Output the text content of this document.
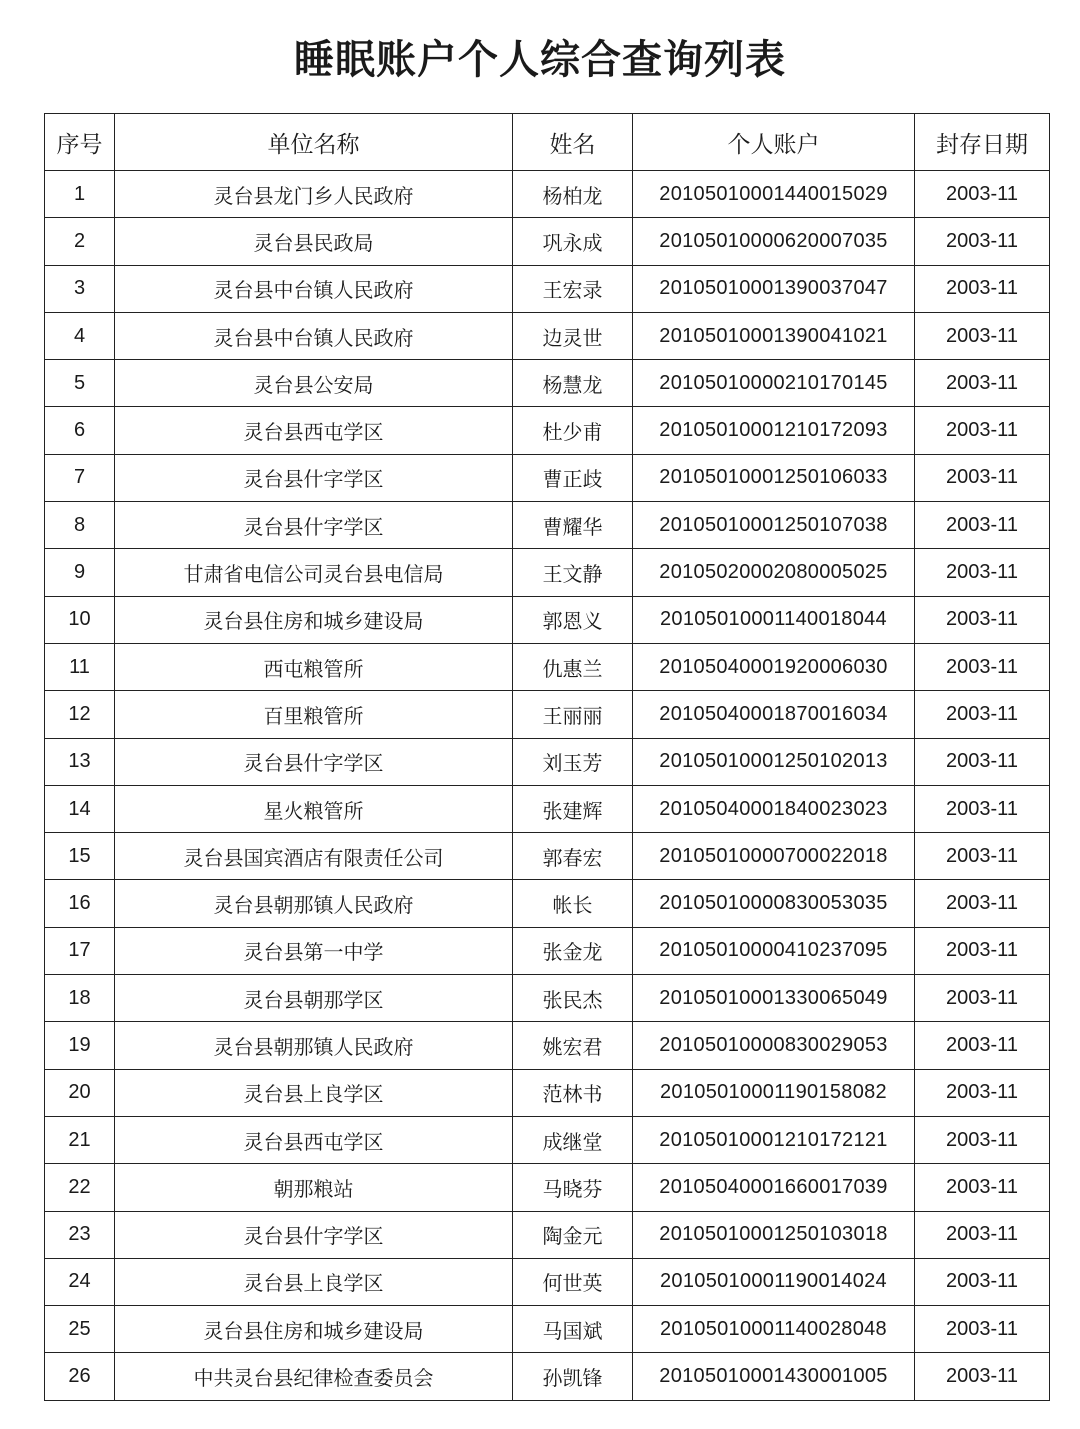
睡眠账户个人综合查询列表
序号	单位名称	姓名	个人账户	封存日期
1	灵台县龙门乡人民政府	杨柏龙	20105010001440015029	2003-11
2	灵台县民政局	巩永成	20105010000620007035	2003-11
3	灵台县中台镇人民政府	王宏录	20105010001390037047	2003-11
4	灵台县中台镇人民政府	边灵世	20105010001390041021	2003-11
5	灵台县公安局	杨慧龙	20105010000210170145	2003-11
6	灵台县西屯学区	杜少甫	20105010001210172093	2003-11
7	灵台县什字学区	曹正歧	20105010001250106033	2003-11
8	灵台县什字学区	曹耀华	20105010001250107038	2003-11
9	甘肃省电信公司灵台县电信局	王文静	20105020002080005025	2003-11
10	灵台县住房和城乡建设局	郭恩义	20105010001140018044	2003-11
11	西屯粮管所	仇惠兰	20105040001920006030	2003-11
12	百里粮管所	王丽丽	20105040001870016034	2003-11
13	灵台县什字学区	刘玉芳	20105010001250102013	2003-11
14	星火粮管所	张建辉	20105040001840023023	2003-11
15	灵台县国宾酒店有限责任公司	郭春宏	20105010000700022018	2003-11
16	灵台县朝那镇人民政府	帐长	20105010000830053035	2003-11
17	灵台县第一中学	张金龙	20105010000410237095	2003-11
18	灵台县朝那学区	张民杰	20105010001330065049	2003-11
19	灵台县朝那镇人民政府	姚宏君	20105010000830029053	2003-11
20	灵台县上良学区	范林书	20105010001190158082	2003-11
21	灵台县西屯学区	成继堂	20105010001210172121	2003-11
22	朝那粮站	马晓芬	20105040001660017039	2003-11
23	灵台县什字学区	陶金元	20105010001250103018	2003-11
24	灵台县上良学区	何世英	20105010001190014024	2003-11
25	灵台县住房和城乡建设局	马国斌	20105010001140028048	2003-11
26	中共灵台县纪律检查委员会	孙凯锋	20105010001430001005	2003-11
